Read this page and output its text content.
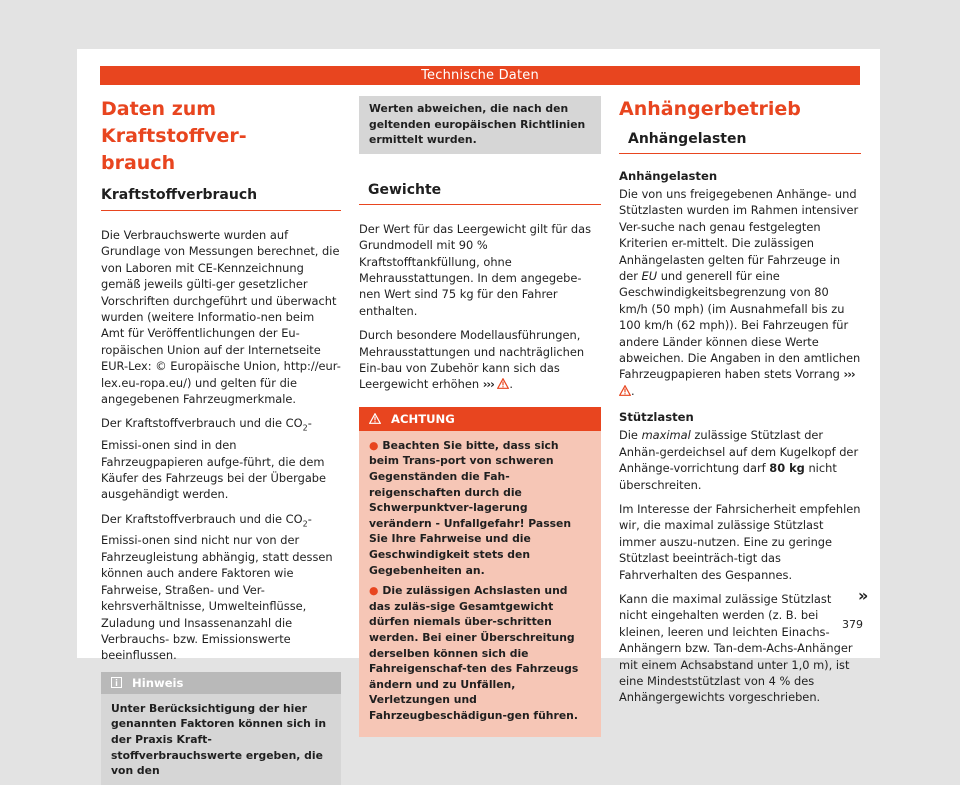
Technische Daten
Daten zum Kraftstoffver-
brauch
Kraftstoffverbrauch

Die Verbrauchswerte wurden auf Grundlage von Messungen berechnet, die von Laboren mit CE-Kennzeichnung gemäß jeweils gülti-ger gesetzlicher Vorschriften durchgeführt und überwacht wurden (weitere Informatio-nen beim Amt für Veröffentlichungen der Eu-ropäischen Union auf der Internetseite EUR-Lex: © Europäische Union, http://eur-lex.eu-ropa.eu/) und gelten für die angegebenen Fahrzeugmerkmale.

Der Kraftstoffverbrauch und die $CO_2-Emissi$-onen sind in den Fahrzeugpapieren aufge-führt, die dem Käufer des Fahrzeugs bei der Übergabe ausgehändigt werden.

Der Kraftstoffverbrauch und die $CO_2-Emissi$-onen sind nicht nur von der Fahrzeugleistung abhängig, statt dessen können auch andere Faktoren wie Fahrweise, Straßen- und Ver-kehrsverhältnisse, Umwelteinflüsse, Zuladung und Insassenanzahl die Verbrauchs- bzw. Emissionswerte beeinflussen.

Hinweis
Unter Berücksichtigung der hier genannten Faktoren können sich in der Praxis Kraft-stoffverbrauchswerte ergeben, die von den
Werten abweichen, die nach den geltenden europäischen Richtlinien ermittelt wurden.
Gewichte

Der Wert für das Leergewicht gilt für das Grundmodell mit 90 % Kraftstofftankfüllung, ohne Mehrausstattungen. In dem angegebe-nen Wert sind 75 kg für den Fahrer enthalten.

Durch besondere Modellausführungen, Mehrausstattungen und nachträglichen Ein-bau von Zubehör kann sich das Leergewicht erhöhen ››› .

ACHTUNG
● Beachten Sie bitte, dass sich beim Trans-port von schweren Gegenständen die Fah-reigenschaften durch die Schwerpunktver-lagerung verändern - Unfallgefahr! Passen Sie Ihre Fahrweise und die Geschwindigkeit stets den Gegebenheiten an.
● Die zulässigen Achslasten und das zuläs-sige Gesamtgewicht dürfen niemals über-schritten werden. Bei einer Überschreitung derselben können sich die Fahreigenschaf-ten des Fahrzeugs ändern und zu Unfällen, Verletzungen und Fahrzeugbeschädigun-gen führen.
Anhängerbetrieb
Anhängelasten
Anhängelasten

Die von uns freigegebenen Anhänge- und Stützlasten wurden im Rahmen intensiver Ver-suche nach genau festgelegten Kriterien er-mittelt. Die zulässigen Anhängelasten gelten für Fahrzeuge in der EU und generell für eine Geschwindigkeitsbegrenzung von 80 km/h (50 mph) (im Ausnahmefall bis zu 100 km/h (62 mph)). Bei Fahrzeugen für andere Länder können diese Werte abweichen. Die Angaben in den amtlichen Fahrzeugpapieren haben stets Vorrang ››› .

Stützlasten

Die maximal zulässige Stützlast der Anhän-gerdeichsel auf dem Kugelkopf der Anhänge-vorrichtung darf 80 kg nicht überschreiten.

Im Interesse der Fahrsicherheit empfehlen wir, die maximal zulässige Stützlast immer auszu-nutzen. Eine zu geringe Stützlast beeinträch-tigt das Fahrverhalten des Gespannes.

Kann die maximal zulässige Stützlast nicht eingehalten werden (z. B. bei kleinen, leeren und leichten Einachs-Anhängern bzw. Tan-dem-Achs-Anhänger mit einem Achsabstand unter 1,0 m), ist eine Mindeststützlast von 4 % des Anhängergewichts vorgeschrieben.

»
379
